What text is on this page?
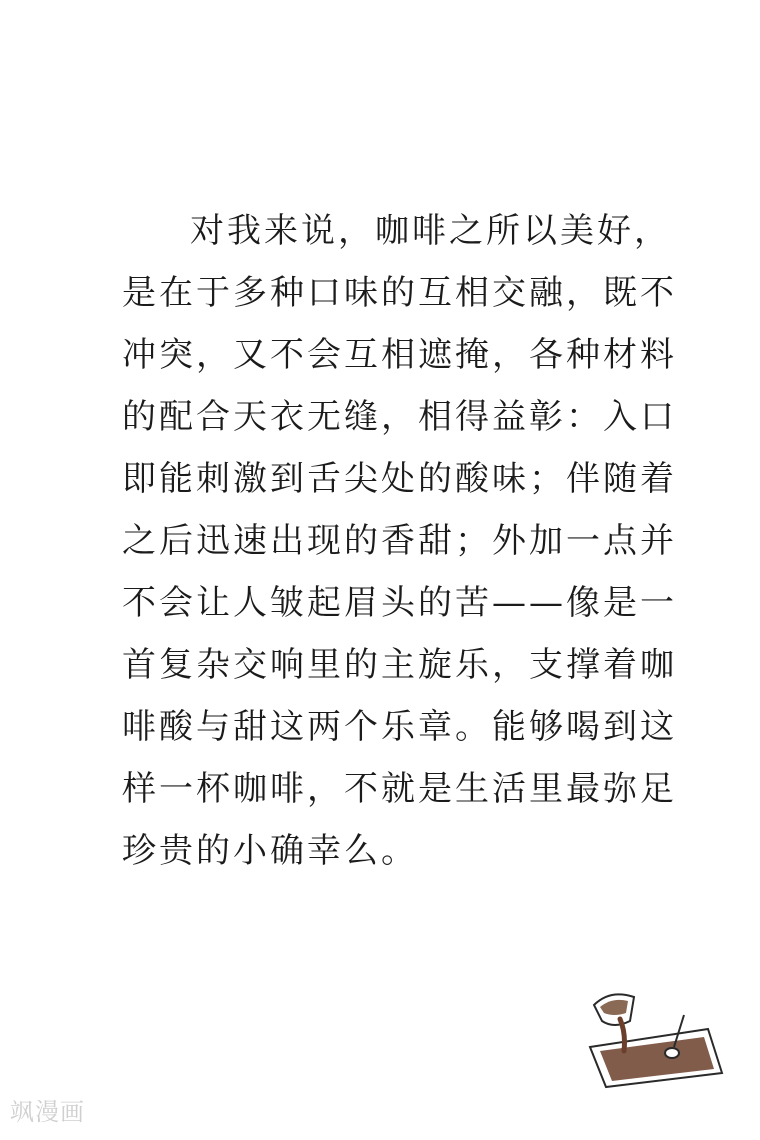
对我来说，咖啡之所以美好，
是在于多种口味的互相交融，既不
冲突，又不会互相遮掩，各种材料
的配合天衣无缝，相得益彰：入口
即能刺激到舌尖处的酸味；伴随着
之后迅速出现的香甜；外加一点并
不会让人皱起眉头的苦——像是一
首复杂交响里的主旋乐，支撑着咖
啡酸与甜这两个乐章。能够喝到这
样一杯咖啡，不就是生活里最弥足
珍贵的小确幸么。
飒漫画
